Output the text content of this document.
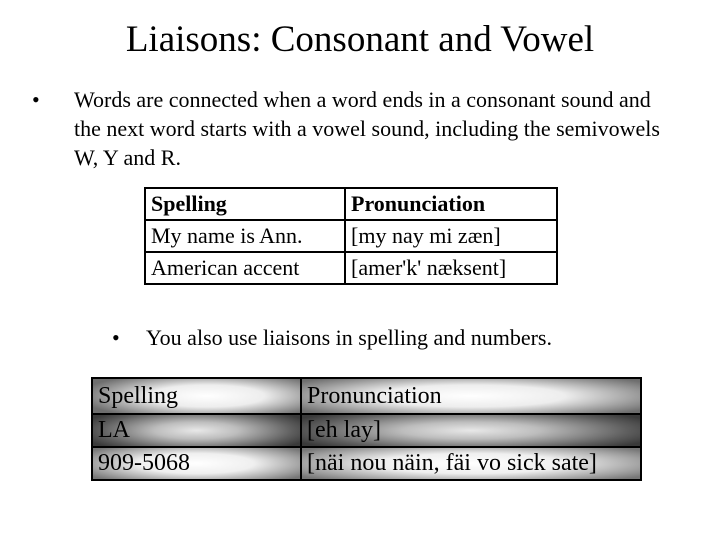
Liaisons: Consonant and Vowel
• Words are connected when a word ends in a consonant sound and the next word starts with a vowel sound, including the semivowels W, Y and R.
Spelling	Pronunciation
My name is Ann.	[my nay mi zæn]
American accent	[amer'k' næksent]
• You also use liaisons in spelling and numbers.
Spelling	Pronunciation
LA	[eh lay]
909-5068	[näi nou näin, fäi vo sick sate]
